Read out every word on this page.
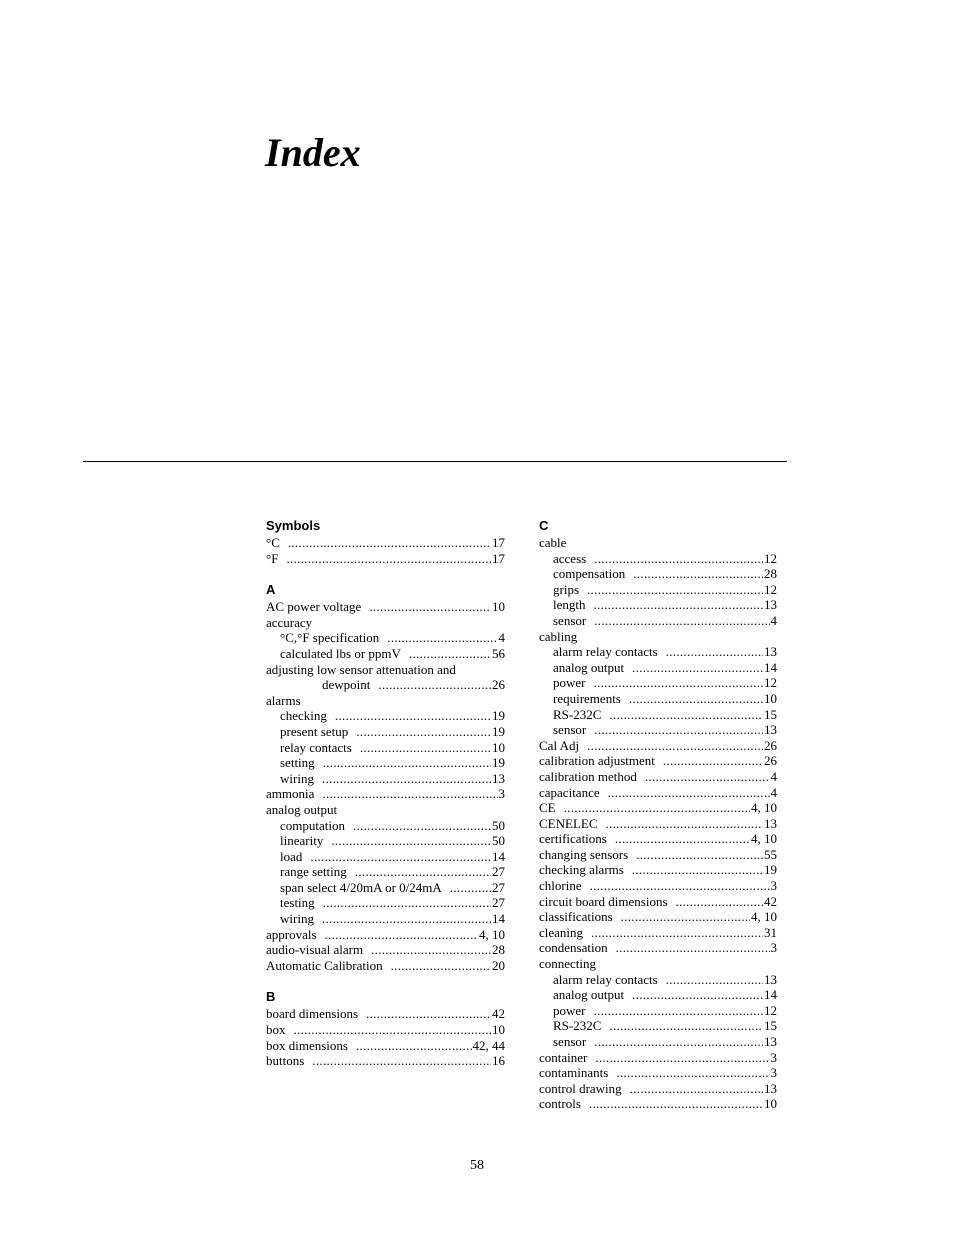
Index
Symbols
°C .....	17
°F .....	17
A
AC power voltage .....	10
accuracy
°C,°F specification .....	4
calculated lbs or ppmV .....	56
adjusting low sensor attenuation and
dewpoint .....	26
alarms
checking .....	19
present setup .....	19
relay contacts .....	10
setting .....	19
wiring .....	13
ammonia .....	3
analog output
computation .....	50
linearity .....	50
load .....	14
range setting .....	27
span select 4/20mA or 0/24mA .....	27
testing .....	27
wiring .....	14
approvals .....	4, 10
audio-visual alarm .....	28
Automatic Calibration .....	20
B
board dimensions .....	42
box .....	10
box dimensions .....	42, 44
buttons .....	16
C
cable
access .....	12
compensation .....	28
grips .....	12
length .....	13
sensor .....	4
cabling
alarm relay contacts .....	13
analog output .....	14
power .....	12
requirements .....	10
RS-232C .....	15
sensor .....	13
Cal Adj .....	26
calibration adjustment .....	26
calibration method .....	4
capacitance .....	4
CE .....	4, 10
CENELEC .....	13
certifications .....	4, 10
changing sensors .....	55
checking alarms .....	19
chlorine .....	3
circuit board dimensions .....	42
classifications .....	4, 10
cleaning .....	31
condensation .....	3
connecting
alarm relay contacts .....	13
analog output .....	14
power .....	12
RS-232C .....	15
sensor .....	13
container .....	3
contaminants .....	3
control drawing .....	13
controls .....	10
58
